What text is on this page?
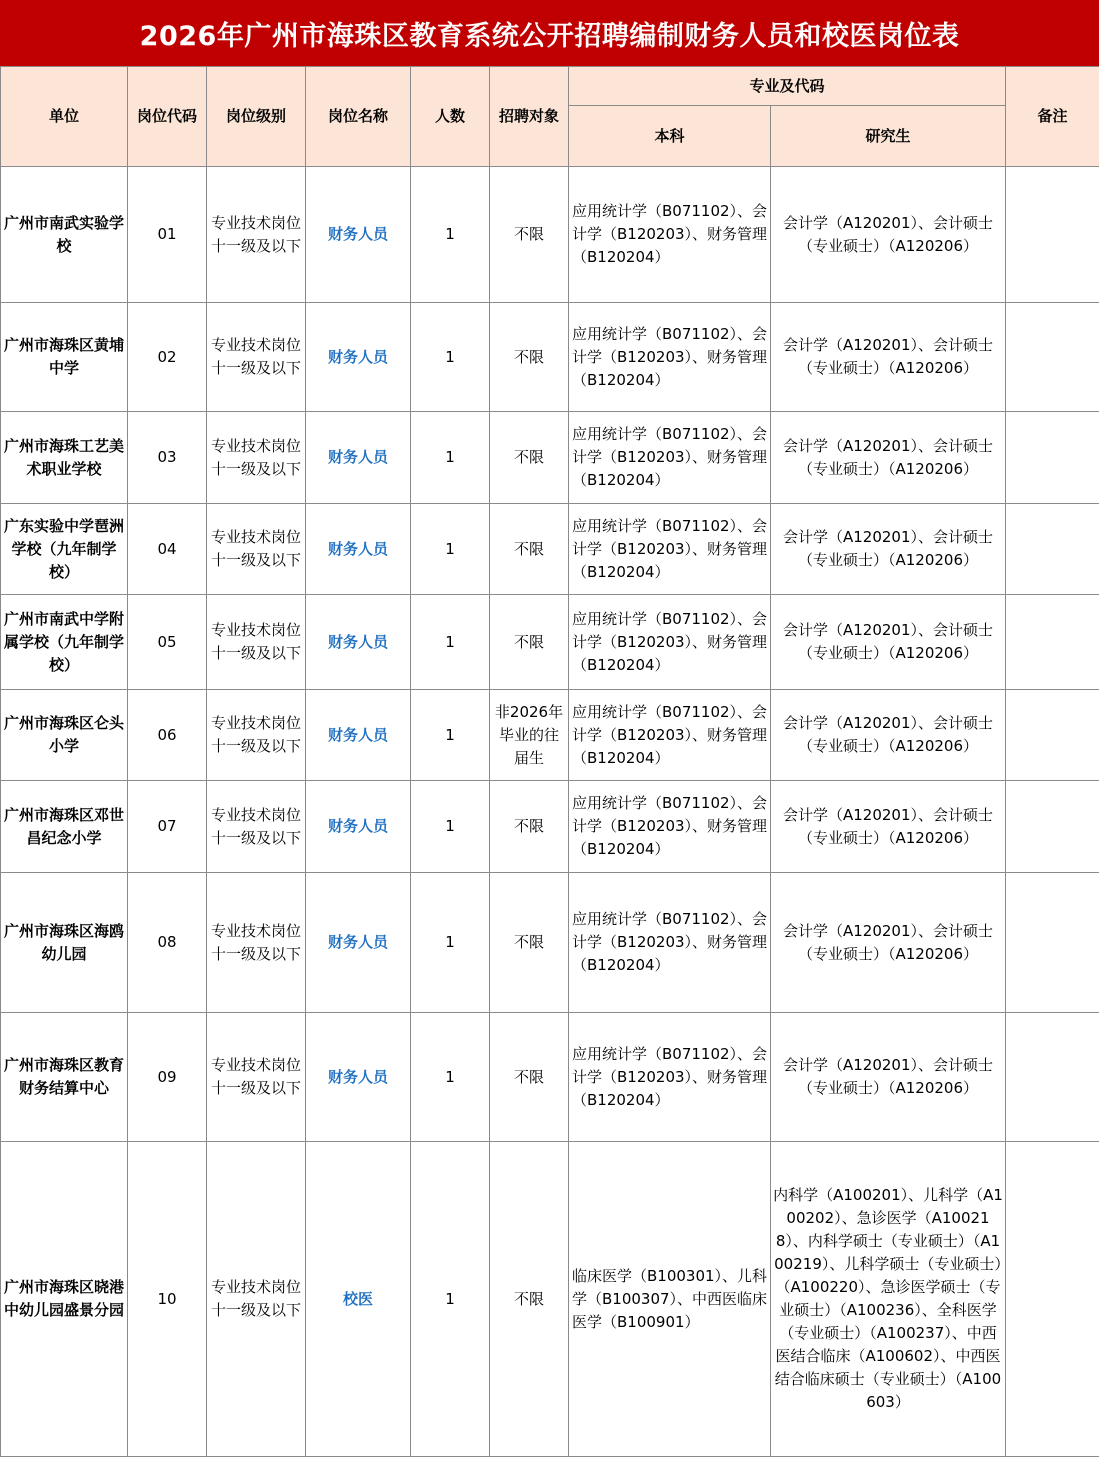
2026年广州市海珠区教育系统公开招聘编制财务人员和校医岗位表
单位	岗位代码	岗位级别	岗位名称	人数	招聘对象	专业及代码		备注
						本科	研究生	
广州市南武实验学校	01	专业技术岗位十一级及以下	财务人员	1	不限	应用统计学（B071102）、会计学（B120203）、财务管理（B120204）	会计学（A120201）、会计硕士（专业硕士）（A120206）	
广州市海珠区黄埔中学	02	专业技术岗位十一级及以下	财务人员	1	不限	应用统计学（B071102）、会计学（B120203）、财务管理（B120204）	会计学（A120201）、会计硕士（专业硕士）（A120206）	
广州市海珠工艺美术职业学校	03	专业技术岗位十一级及以下	财务人员	1	不限	应用统计学（B071102）、会计学（B120203）、财务管理（B120204）	会计学（A120201）、会计硕士（专业硕士）（A120206）	
广东实验中学琶洲学校（九年制学校）	04	专业技术岗位十一级及以下	财务人员	1	不限	应用统计学（B071102）、会计学（B120203）、财务管理（B120204）	会计学（A120201）、会计硕士（专业硕士）（A120206）	
广州市南武中学附属学校（九年制学校）	05	专业技术岗位十一级及以下	财务人员	1	不限	应用统计学（B071102）、会计学（B120203）、财务管理（B120204）	会计学（A120201）、会计硕士（专业硕士）（A120206）	
广州市海珠区仑头小学	06	专业技术岗位十一级及以下	财务人员	1	非2026年毕业的往届生	应用统计学（B071102）、会计学（B120203）、财务管理（B120204）	会计学（A120201）、会计硕士（专业硕士）（A120206）	
广州市海珠区邓世昌纪念小学	07	专业技术岗位十一级及以下	财务人员	1	不限	应用统计学（B071102）、会计学（B120203）、财务管理（B120204）	会计学（A120201）、会计硕士（专业硕士）（A120206）	
广州市海珠区海鸥幼儿园	08	专业技术岗位十一级及以下	财务人员	1	不限	应用统计学（B071102）、会计学（B120203）、财务管理（B120204）	会计学（A120201）、会计硕士（专业硕士）（A120206）	
广州市海珠区教育财务结算中心	09	专业技术岗位十一级及以下	财务人员	1	不限	应用统计学（B071102）、会计学（B120203）、财务管理（B120204）	会计学（A120201）、会计硕士（专业硕士）（A120206）	
广州市海珠区晓港中幼儿园盛景分园	10	专业技术岗位十一级及以下	校医	1	不限	临床医学（B100301）、儿科学（B100307）、中西医临床医学（B100901）	内科学（A100201）、儿科学（A100202）、急诊医学（A100218）、内科学硕士（专业硕士）（A100219）、儿科学硕士（专业硕士）（A100220）、急诊医学硕士（专业硕士）（A100236）、全科医学（专业硕士）（A100237）、中西医结合临床（A100602）、中西医结合临床硕士（专业硕士）（A100603）	
